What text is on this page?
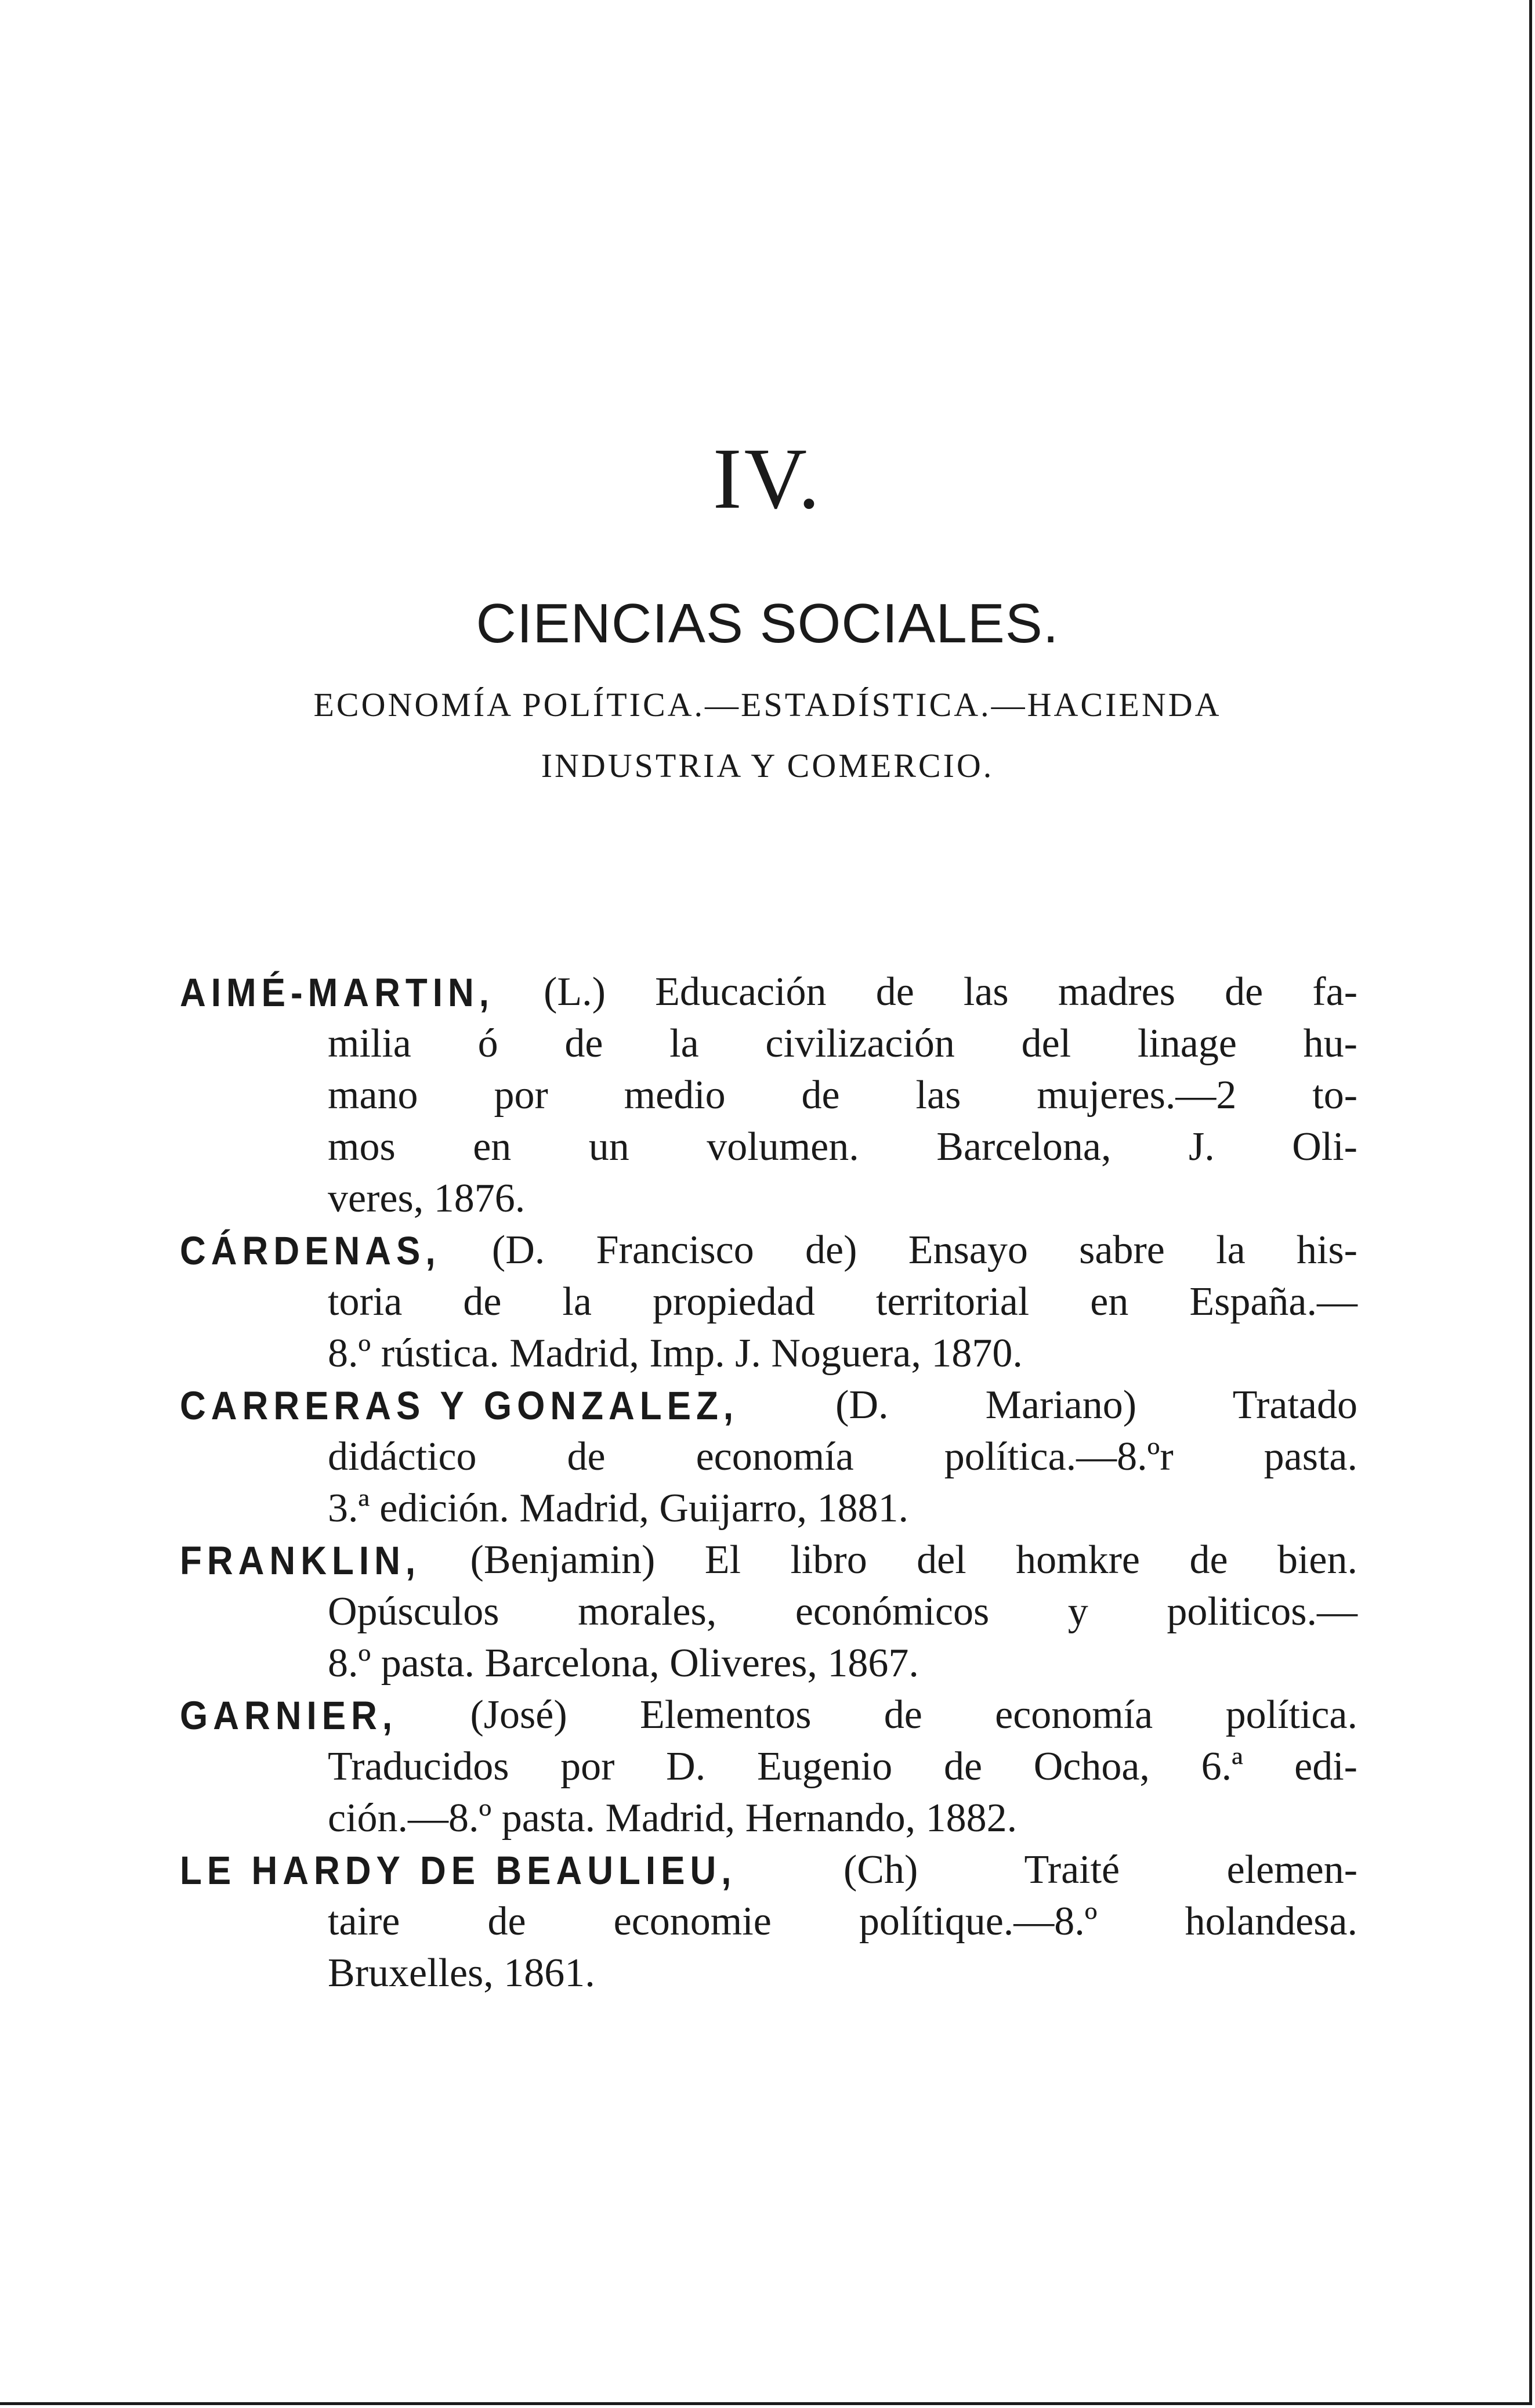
IV.
CIENCIAS SOCIALES.
ECONOMÍA POLÍTICA.—ESTADÍSTICA.—HACIENDA
INDUSTRIA Y COMERCIO.

AIMÉ-MARTIN, (L.) Educación de las madres de fa-
milia ó de la civilización del linage hu-
mano por medio de las mujeres.—2 to-
mos en un volumen. Barcelona, J. Oli-
veres, 1876.

CÁRDENAS, (D. Francisco de) Ensayo sabre la his-
toria de la propiedad territorial en España.—
8.º rústica. Madrid, Imp. J. Noguera, 1870.

CARRERAS Y GONZALEZ, (D. Mariano) Tratado
didáctico de economía política.—8.ºr pasta.
3.ª edición. Madrid, Guijarro, 1881.

FRANKLIN, (Benjamin) El libro del homkre de bien.
Opúsculos morales, económicos y politicos.—
8.º pasta. Barcelona, Oliveres, 1867.

GARNIER, (José) Elementos de economía política.
Traducidos por D. Eugenio de Ochoa, 6.ª edi-
ción.—8.º pasta. Madrid, Hernando, 1882.

LE HARDY DE BEAULIEU,	(Ch) Traité elemen-
taire de economie polítique.—8.º holandesa.
Bruxelles, 1861.
